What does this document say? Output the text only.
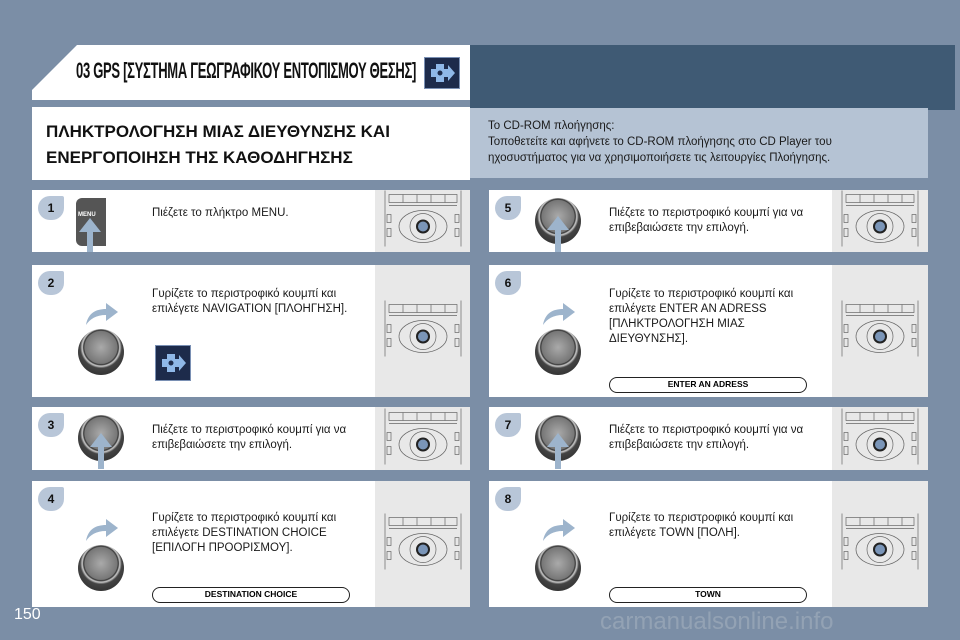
03 GPS [ΣΥΣΤΗΜΑ ΓΕΩΓΡΑΦΙΚΟΥ ΕΝΤΟΠΙΣΜΟΥ ΘΕΣΗΣ]
ΠΛΗΚΤΡΟΛΟΓΗΣΗ ΜΙΑΣ ΔΙΕΥΘΥΝΣΗΣ ΚΑΙ
ΕΝΕΡΓΟΠΟΙΗΣΗ ΤΗΣ ΚΑΘΟΔΗΓΗΣΗΣ
Το CD-ROM πλοήγησης:
Τοποθετείτε και αφήνετε το CD-ROM πλοήγησης στο CD Player του
ηχοσυστήματος για να χρησιμοποιήσετε τις λειτουργίες Πλοήγησης.
1	MENU	Πιέζετε το πλήκτρο MENU.
2
Γυρίζετε το περιστροφικό κουμπί και επιλέγετε NAVIGATION [ΠΛΟΗΓΗΣΗ].
3	Πιέζετε το περιστροφικό κουμπί για να επιβεβαιώσετε την επιλογή.
4
Γυρίζετε το περιστροφικό κουμπί και επιλέγετε DESTINATION CHOICE [ΕΠΙΛΟΓΗ ΠΡΟΟΡΙΣΜΟΥ].
DESTINATION CHOICE
5	Πιέζετε το περιστροφικό κουμπί για να επιβεβαιώσετε την επιλογή.
6
Γυρίζετε το περιστροφικό κουμπί και επιλέγετε ENTER AN ADRESS [ΠΛΗΚΤΡΟΛΟΓΗΣΗ ΜΙΑΣ ΔΙΕΥΘΥΝΣΗΣ].
ENTER AN ADRESS
7	Πιέζετε το περιστροφικό κουμπί για να επιβεβαιώσετε την επιλογή.
8
Γυρίζετε το περιστροφικό κουμπί και επιλέγετε TOWN [ΠΟΛΗ].
TOWN
150	carmanualsonline.info
